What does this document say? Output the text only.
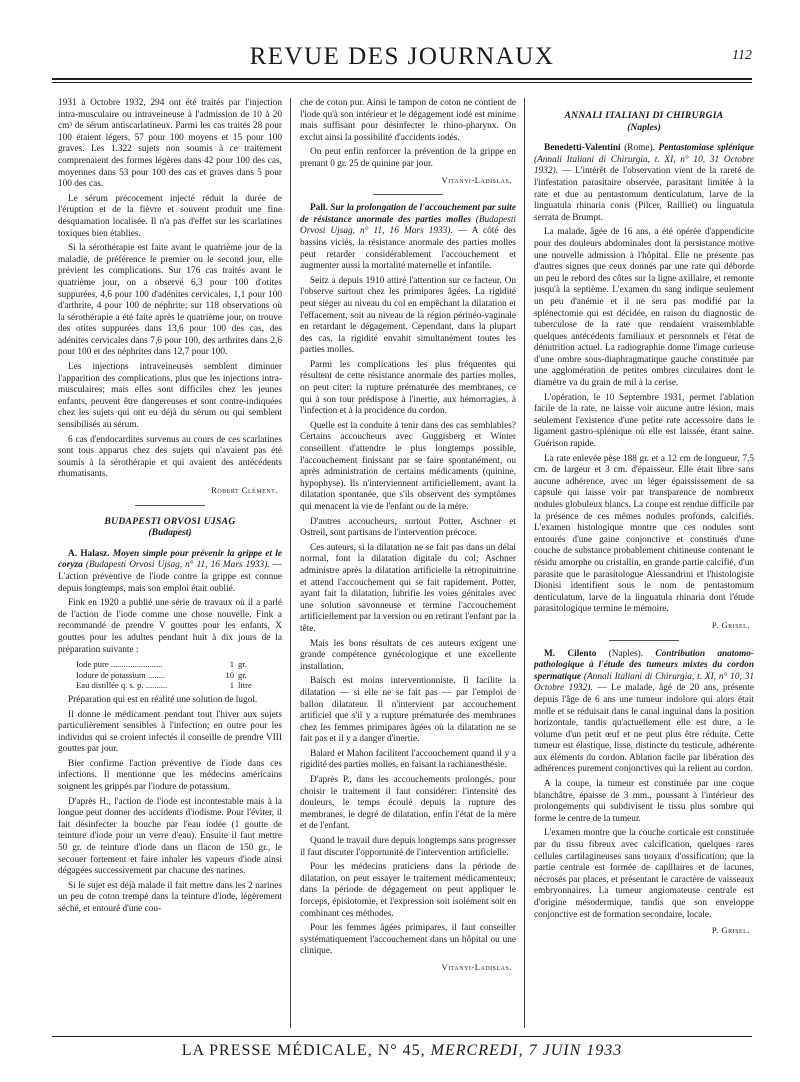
REVUE DES JOURNAUX	112

1931 à Octobre 1932, 294 ont été traités par l'injection intra-musculaire ou intraveineuse à l'admission de 10 à 20 cm³ de sérum antiscarlatineux. Parmi les cas traités 28 pour 100 étaient légers, 57 pour 100 moyens et 15 pour 100 graves. Les 1.322 sujets non soumis à ce traitement comprenaient des formes légères dans 42 pour 100 des cas, moyennes dans 53 pour 100 des cas et graves dans 5 pour 100 des cas.

Le sérum précocement injecté réduit la durée de l'éruption et de la fièvre et souvent produit une fine desquamation localisée. Il n'a pas d'effet sur les scarlatines toxiques bien établies.

Si la sérothérapie est faite avant le quatrième jour de la maladie, de préférence le premier ou le second jour, elle prévient les complications. Sur 176 cas traités avant le quatrième jour, on a observé 6,3 pour 100 d'otites suppurées, 4,6 pour 100 d'adénites cervicales, 1,1 pour 100 d'arthrite, 4 pour 100 de néphrite; sur 118 observations où la sérothérapie a été faite après le quatrième jour, on trouve des otites suppurées dans 13,6 pour 100 des cas, des adénites cervicales dans 7,6 pour 100, des arthrites dans 2,6 pour 100 et des néphrites dans 12,7 pour 100.

Les injections intraveineuses semblent diminuer l'apparition des complications, plus que les injections intra-musculaires; mais elles sont difficiles chez les jeunes enfants, peuvent être dangereuses et sont contre-indiquées chez les sujets qui ont eu déjà du sérum ou qui semblent sensibilisés au sérum.

6 cas d'endocardites survenus au cours de ces scarlatines sont tous apparus chez des sujets qui n'avaient pas été soumis à la sérothérapie et qui avaient des antécédents rhumatisants.

Robert Clément.
BUDAPESTI ORVOSI UJSAG
(Budapest)

A. Halasz. Moyen simple pour prévenir la grippe et le coryza (Budapesti Orvosi Ujsag, n° 11, 16 Mars 1933). — L'action préventive de l'iode contre la grippe est connue depuis longtemps, mais son emploi était oublié.

Fink en 1920 a publié une série de travaux où il a parlé de l'action de l'iode comme une chose nouvelle. Fink a recommandé de prendre V gouttes pour les enfants, X gouttes pour les adultes pendant huit à dix jours de la préparation suivante :

Iode pure ........................	1 gr.
Iodure de potassium ........	10 gr.
Eau distillée q. s. p. ..........	1 litre

Préparation qui est en réalité une solution de lugol.

Il donne le médicament pendant tout l'hiver aux sujets particulièrement sensibles à l'infection; en outre pour les individus qui se croient infectés il conseille de prendre VIII gouttes par jour.

Bier confirme l'action préventive de l'iode dans ces infections. Il mentionne que les médecins américains soignent les grippés par l'iodure de potassium.

D'après H., l'action de l'iode est incontestable mais à la longue peut donner des accidents d'iodisme. Pour l'éviter, il fait désinfecter la bouche par l'eau iodée (1 goutte de teinture d'iode pour un verre d'eau). Ensuite il faut mettre 50 gr. de teinture d'iode dans un flacon de 150 gr., le secouer fortement et faire inhaler les vapeurs d'iode ainsi dégagées successivement par chacune des narines.

Si le sujet est déjà malade il fait mettre dans les 2 narines un peu de coton trempé dans la teinture d'iode, légèrement séché, et entouré d'une cou-

che de coton pur. Ainsi le tampon de coton ne contient de l'iode qu'à son intérieur et le dégagement iodé est minime mais suffisant pour désinfecter le rhino-pharynx. On exclut ainsi la possibilité d'accidents iodés.

On peut enfin renforcer la prévention de la grippe en prenant 0 gr. 25 de quinine par jour.

Vitanyi-Ladislas.

Pall. Sur la prolongation de l'accouchement par suite de résistance anormale des parties molles (Budapesti Orvosi Ujsag, n° 11, 16 Mars 1933). — A côté des bassins viciés, la résistance anormale des parties molles peut retarder considérablement l'accouchement et augmenter aussi la mortalité maternelle et infantile.

Seitz a depuis 1910 attiré l'attention sur ce facteur. On l'observe surtout chez les primipares âgées. La rigidité peut siéger au niveau du col en empêchant la dilatation et l'effacement, soit au niveau de la région périnéo-vaginale en retardant le dégagement. Cependant, dans la plupart des cas, la rigidité envahit simultanément toutes les parties molles.

Parmi les complications les plus fréquentes qui résultent de cette résistance anormale des parties molles, on peut citer: la rupture prématurée des membranes, ce qui à son tour prédispose à l'inertie, aux hémorragies, à l'infection et à la procidence du cordon.

Quelle est la conduite à tenir dans des cas semblables? Certains accoucheurs avec Guggisberg et Winter conseillent d'attendre le plus longtemps possible, l'accouchement finissant par se faire spontanément, ou après administration de certains médicaments (quinine, hypophyse). Ils n'interviennent artificiellement, avant la dilatation spontanée, que s'ils observent des symptômes qui menacent la vie de l'enfant ou de la mère.

D'autres accoucheurs, surtout Potter, Aschner et Ostreil, sont partisans de l'intervention précoce.

Ces auteurs, si la dilatation ne se fait pas dans un délai normal, font la dilatation digitale du col; Aschner administre après la dilatation artificielle la rétropituitrine et attend l'accouchement qui se fait rapidement. Potter, ayant fait la dilatation, lubrifie les voies génitales avec une solution savonneuse et termine l'accouchement artificiellement par la version ou en retirant l'enfant par la tête.

Mais les bons résultats de ces auteurs exigent une grande compétence gynécologique et une excellente installation.

Baisch est moins interventionniste. Il facilite la dilatation — si elle ne se fait pas — par l'emploi de ballon dilatateur. Il n'intervient par accouchement artificiel que s'il y a rupture prématurée des membranes chez les femmes primipares âgées où la dilatation ne se fait pas et il y a danger d'inertie.

Balard et Mahon facilitent l'accouchement quand il y a rigidité des parties molles, en faisant la rachianesthésie.

D'après P., dans les accouchements prolongés, pour choisir le traitement il faut considérer: l'intensité des douleurs, le temps écoulé depuis la rupture des membranes, le degré de dilatation, enfin l'état de la mère et de l'enfant.

Quand le travail dure depuis longtemps sans progresser il faut discuter l'opportunité de l'intervention artificielle.

Pour les médecins praticiens dans la période de dilatation, on peut essayer le traitement médicamenteux; dans la période de dégagement on peut appliquer le forceps, épisiotomie, et l'expression soit isolément soit en combinant ces méthodes.

Pour les femmes âgées primipares, il faut conseiller systématiquement l'accouchement dans un hôpital ou une clinique.

Vitanyi-Ladislas.
ANNALI ITALIANI DI CHIRURGIA
(Naples)

Benedetti-Valentini (Rome). Pentastomiase splénique (Annali Italiani di Chirurgia, t. XI, n° 10, 31 Octobre 1932). — L'intérêt de l'observation vient de la rareté de l'infestation parasitaire observée, parasitant limitée à la rate et due au pentastomum denticulatum, larve de la linguatula rhinaria conis (Pilcer, Railliet) ou linguatula serrata de Brumpt.

La malade, âgée de 16 ans, a été opérée d'appendicite pour des douleurs abdominales dont la persistance motive une nouvelle admission à l'hôpital. Elle ne présente pas d'autres signes que ceux donnés par une rate qui déborde un peu le rebord des côtes sur la ligne axillaire, et remonte jusqu'à la septième. L'examen du sang indique seulement un peu d'anémie et il ne sera pas modifié par la splénectomie qui est décidée, en raison du diagnostic de tuberculose de la rate que rendaient vraisemblable quelques antécédents familiaux et personnels et l'état de dénutrition actuel. La radiographie donne l'image curieuse d'une ombre sous-diaphragmatique gauche constituée par une agglomération de petites ombres circulaires dont le diamètre va du grain de mil à la cerise.

L'opération, le 10 Septembre 1931, permet l'ablation facile de la rate, ne laisse voir aucune autre lésion, mais seulement l'existence d'une petite rate accessoire dans le ligament gastro-splénique où elle est laissée, étant saine. Guérison rapide.

La rate enlevée pèse 188 gr. et a 12 cm de longueur, 7,5 cm. de largeur et 3 cm. d'épaisseur. Elle était libre sans aucune adhérence, avec un léger épaississement de sa capsule qui laisse voir par transparence de nombreux nodules globuleux blancs. La coupe est rendue difficile par la présence de ces mêmes nodules profonds, calcifiés. L'examen histologique montre que ces nodules sont entourés d'une gaine conjonctive et constitués d'une couche de substance probablement chitineuse contenant le résidu amorphe ou cristallin, en grande partie calcifié, d'un parasite que le parasitologue Alessandrini et l'histologiste Dionisi identifient sous le nom de pentastomum denticulatum, larve de la linguatula rhinaria dont l'étude parasitologique termine le mémoire.

P. Grisel.

M. Cilento (Naples). Contribution anatomo-pathologique à l'étude des tumeurs mixtes du cordon spermatique (Annali Italiani di Chirurgia, t. XI, n° 10, 31 Octobre 1932). — Le malade, âgé de 20 ans, présente depuis l'âge de 6 ans une tumeur indolore qui alors était molle et se réduisait dans le canal inguinal dans la position horizontale, tandis qu'actuellement elle est dure, a le volume d'un petit œuf et ne peut plus être réduite. Cette tumeur est élastique, lisse, distincte du testicule, adhérente aux éléments du cordon. Ablation facile par libération des adhérences purement conjonctives qui la relient au cordon.

A la coupe, la tumeur est constituée par une coque blanchâtre, épaisse de 3 mm., poussant à l'intérieur des prolongements qui subdivisent le tissu plus sombre qui forme le centre de la tumeur.

L'examen montre que la couche corticale est constituée par du tissu fibreux avec calcification, quelques rares cellules cartilagineuses sans noyaux d'ossification; que la partie centrale est formée de capillaires et de lacunes, nécrosés par places, et présentant le caractère de vaisseaux embryonnaires. La tumeur angiomateuse centrale est d'origine mésodermique, tandis que son enveloppe conjonctive est de formation secondaire, locale.

P. Grisel.
LA PRESSE MÉDICALE, N° 45, MERCREDI, 7 JUIN 1933
